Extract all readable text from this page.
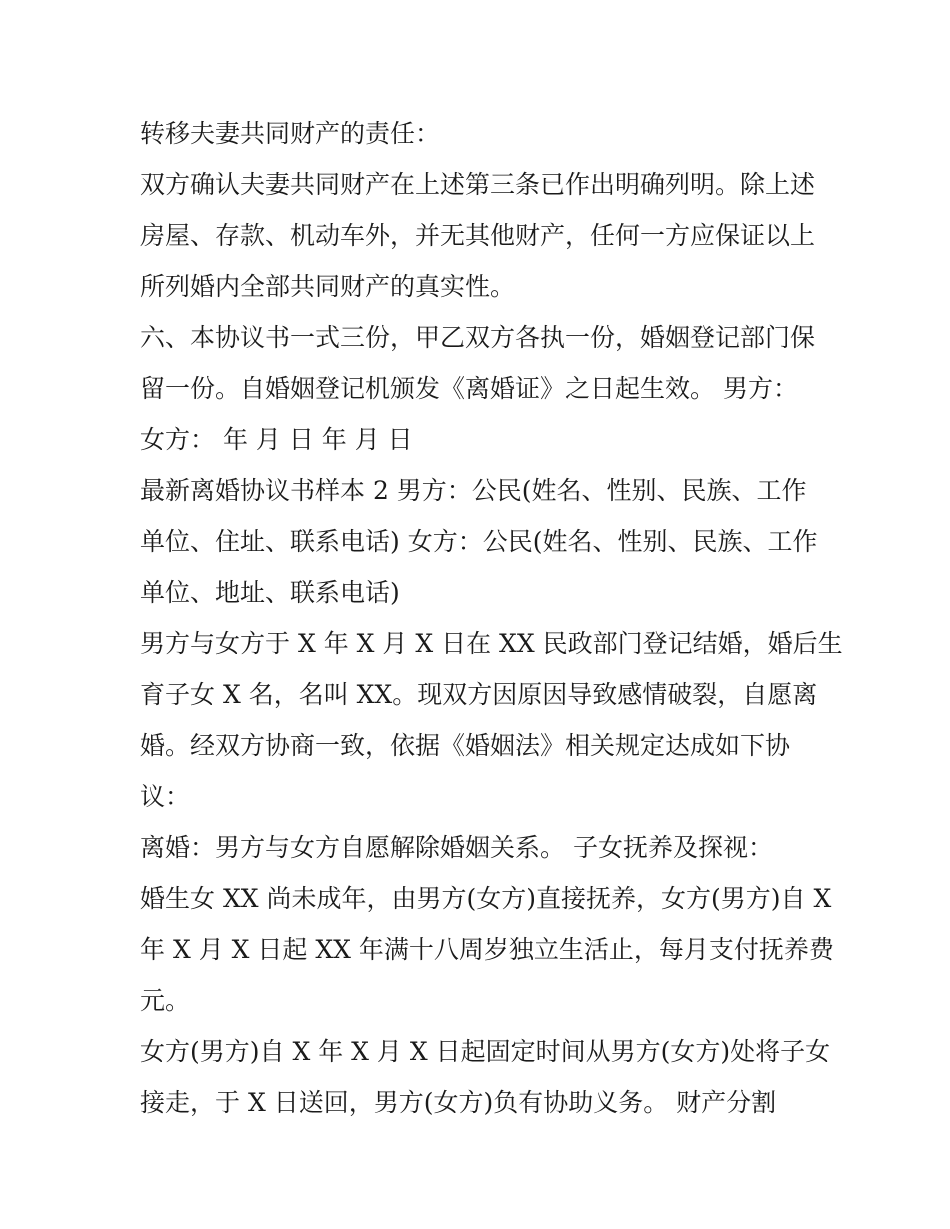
转移夫妻共同财产的责任：
双方确认夫妻共同财产在上述第三条已作出明确列明。除上述
房屋、存款、机动车外，并无其他财产，任何一方应保证以上
所列婚内全部共同财产的真实性。
六、本协议书一式三份，甲乙双方各执一份，婚姻登记部门保
留一份。自婚姻登记机颁发《离婚证》之日起生效。 男方：
女方： 年 月 日 年 月 日
最新离婚协议书样本 2 男方：公民(姓名、性别、民族、工作
单位、住址、联系电话) 女方：公民(姓名、性别、民族、工作
单位、地址、联系电话)
男方与女方于 X 年 X 月 X 日在 XX 民政部门登记结婚，婚后生
育子女 X 名，名叫 XX。现双方因原因导致感情破裂，自愿离
婚。经双方协商一致，依据《婚姻法》相关规定达成如下协
议：
离婚：男方与女方自愿解除婚姻关系。 子女抚养及探视：
婚生女 XX 尚未成年，由男方(女方)直接抚养，女方(男方)自 X
年 X 月 X 日起 XX 年满十八周岁独立生活止，每月支付抚养费
元。
女方(男方)自 X 年 X 月 X 日起固定时间从男方(女方)处将子女
接走，于 X 日送回，男方(女方)负有协助义务。 财产分割
